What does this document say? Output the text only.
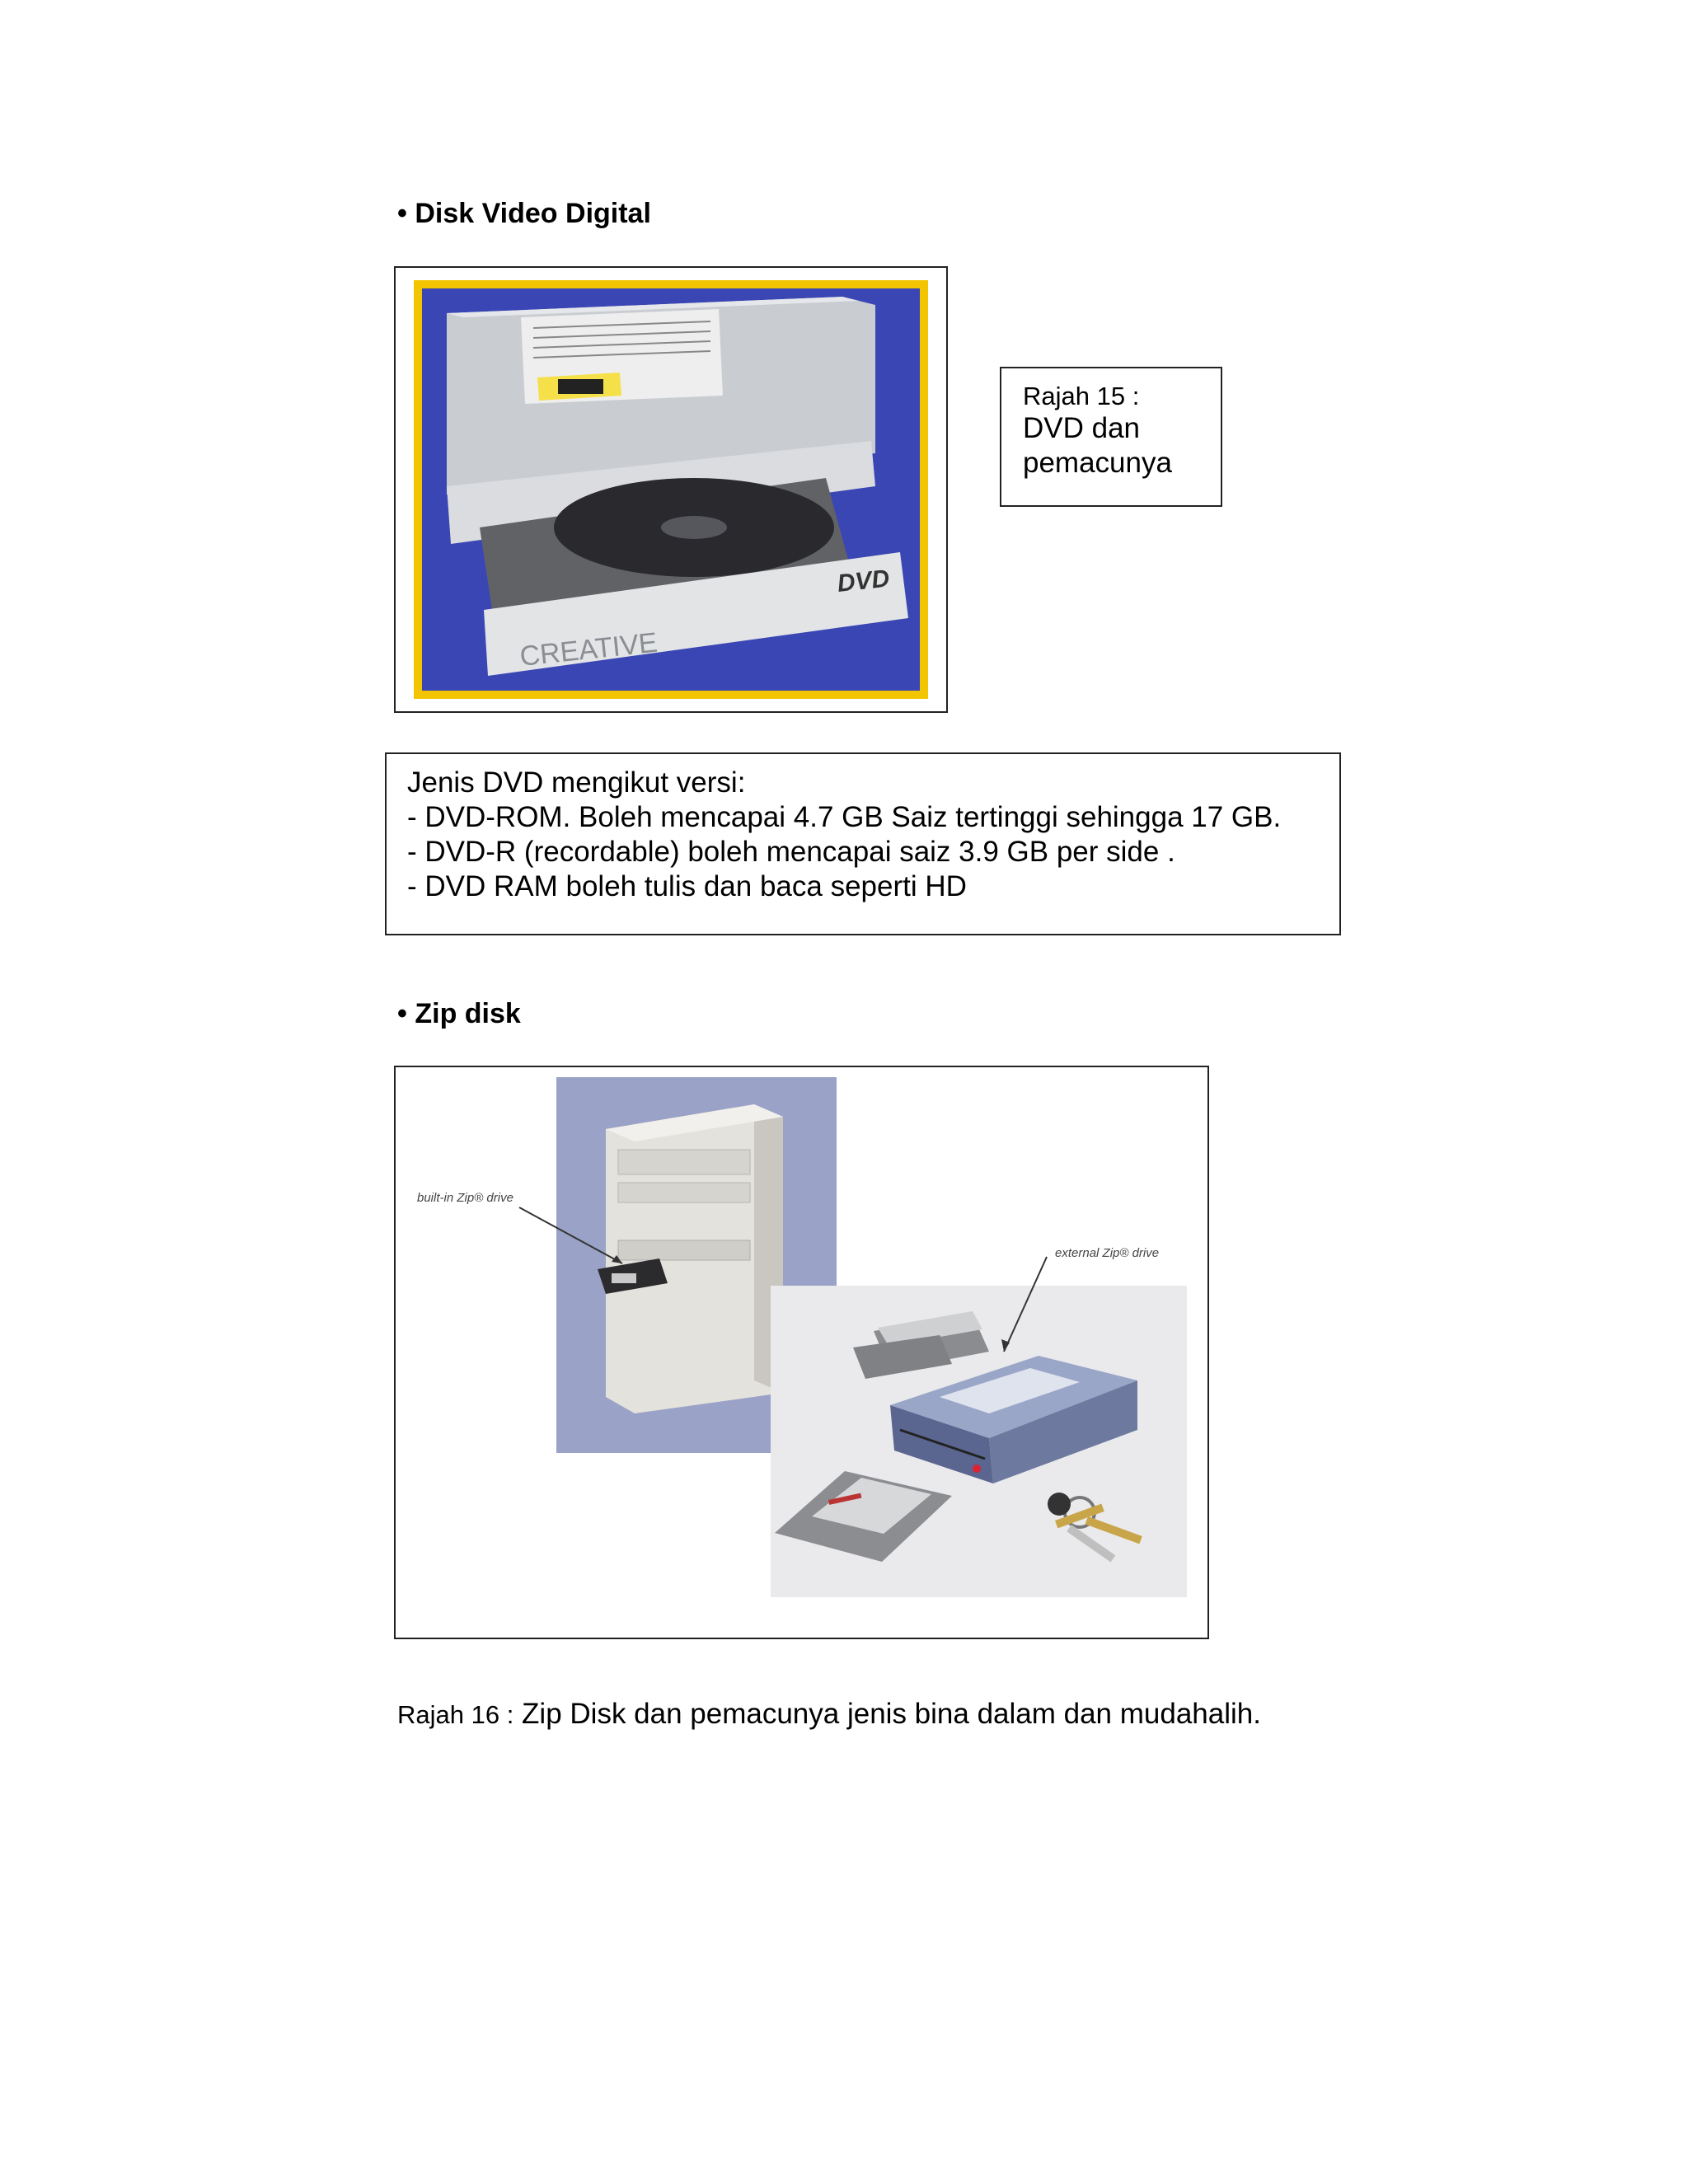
• Disk Video Digital
CREATIVE
DVD
Rajah 15 :
DVD dan
pemacunya
Jenis DVD mengikut versi:
- DVD-ROM. Boleh mencapai 4.7 GB Saiz tertinggi sehingga 17 GB.
- DVD-R (recordable) boleh mencapai saiz 3.9 GB per side .
- DVD RAM boleh tulis dan baca seperti HD
• Zip disk
built-in Zip® drive
external Zip® drive
Rajah 16 : Zip Disk dan pemacunya jenis bina dalam dan mudahalih.
